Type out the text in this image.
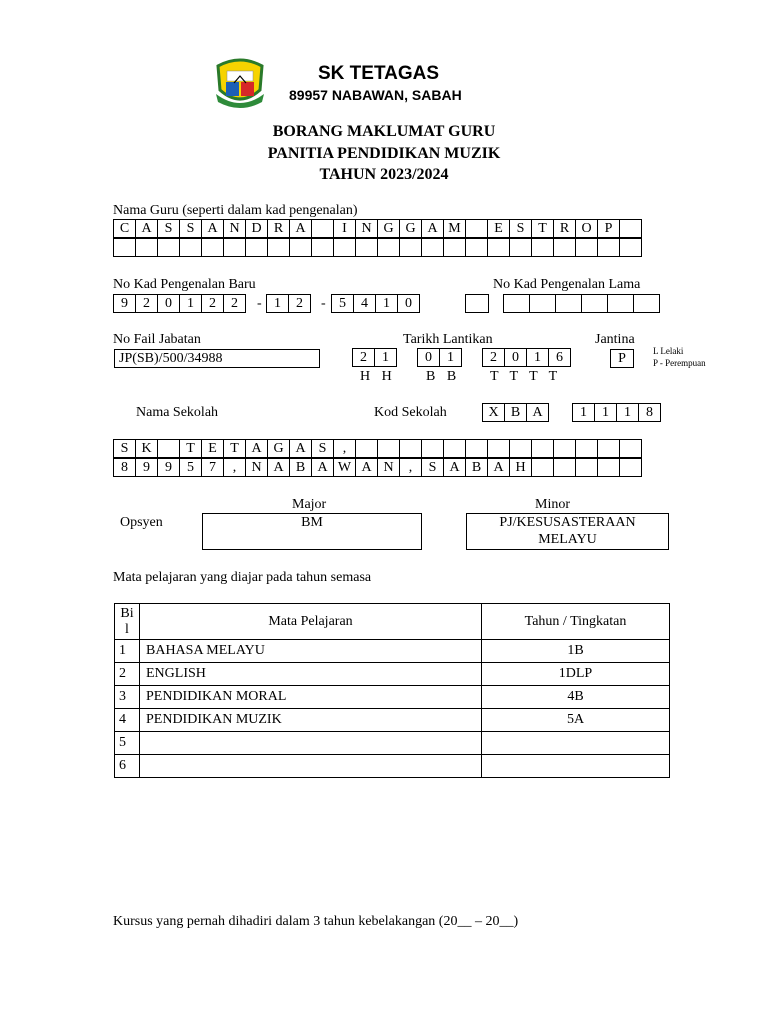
SK TETAGAS
89957 NABAWAN, SABAH
BORANG MAKLUMAT GURU
PANITIA PENDIDIKAN MUZIK
TAHUN 2023/2024
Nama Guru (seperti dalam kad pengenalan)
C A S	S A N D R A	I	N G G A M	E S T R O P
No Kad Pengenalan Baru	No Kad Pengenalan Lama
9	2	0	1	2	2	- 1	2	- 5	4	1	0
No Fail Jabatan
JP(SB)/500/34988
Tarikh Lantikan
2	1	0	1	2	0	1	6
H H B B T T T T
Jantina
P	L Lelaki
P - Perempuan
Nama Sekolah	Kod Sekolah	X B A	1	1	1	8
S K	T E T A G A S	,
8	9	9	5	7	,	N A B A W A N	,	S A B A H
Major	Minor
Opsyen	BM	PJ/KESUSASTERAAN MELAYU
Mata pelajaran yang diajar pada tahun semasa
Bil	Mata Pelajaran	Tahun / Tingkatan
1	BAHASA MELAYU	1B
2	ENGLISH	1DLP
3	PENDIDIKAN MORAL	4B
4	PENDIDIKAN MUZIK	5A
5		
6		
Kursus yang pernah dihadiri dalam 3 tahun kebelakangan (20__ – 20__)
